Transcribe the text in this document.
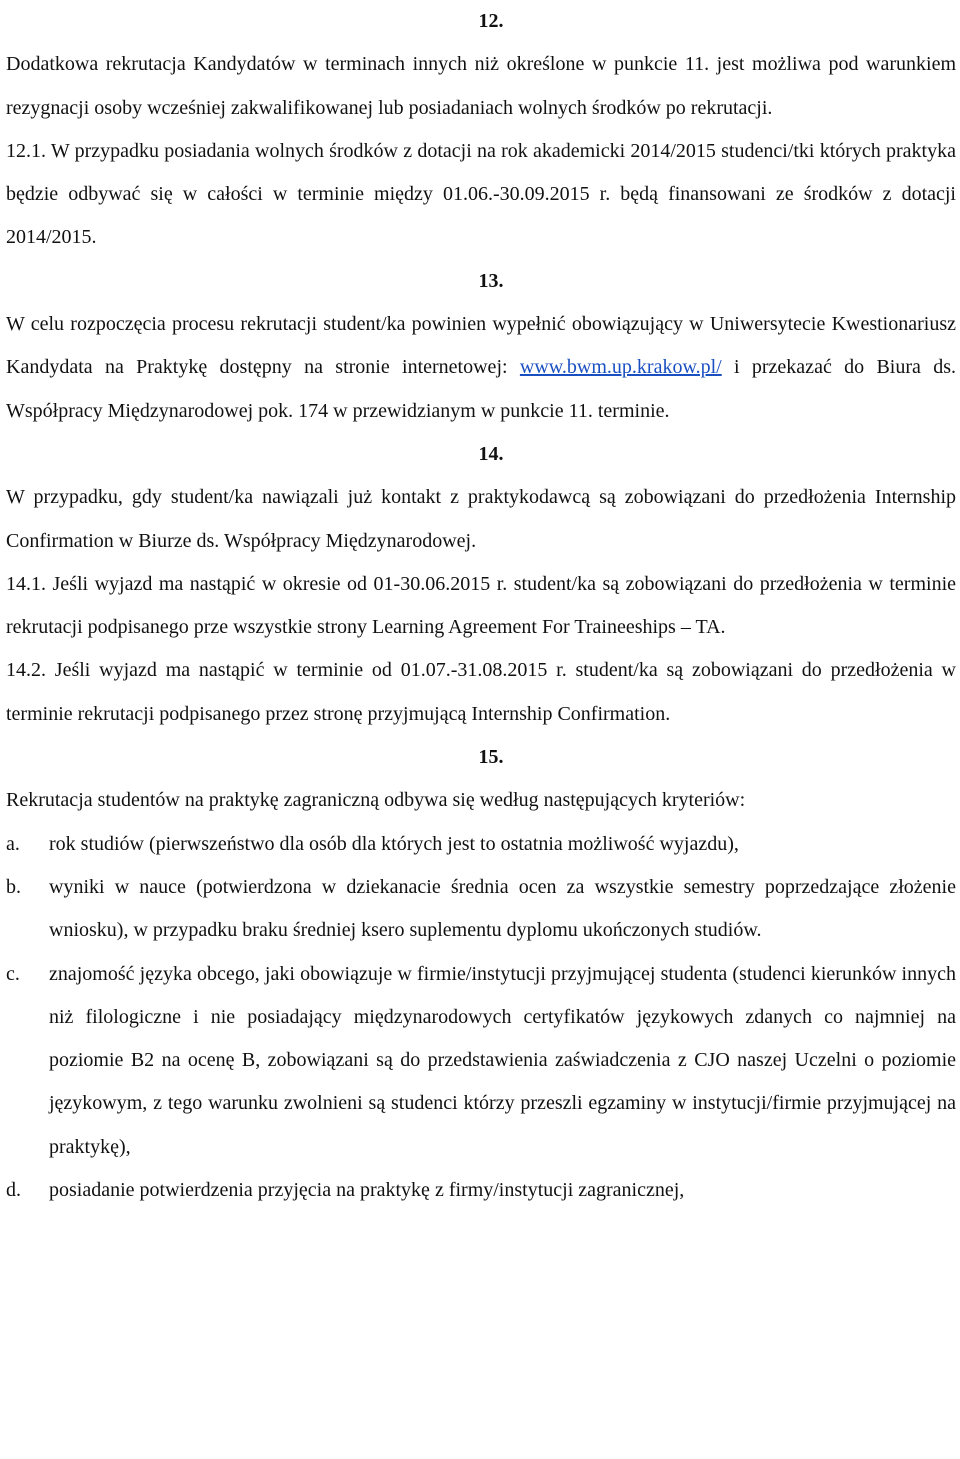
12.
Dodatkowa rekrutacja Kandydatów w terminach innych niż określone w punkcie 11. jest możliwa pod warunkiem rezygnacji osoby wcześniej zakwalifikowanej lub posiadaniach wolnych środków po rekrutacji.
12.1. W przypadku posiadania wolnych środków z dotacji na rok akademicki 2014/2015 studenci/tki których praktyka będzie odbywać się w całości w terminie między 01.06.-30.09.2015 r. będą finansowani ze środków z dotacji 2014/2015.
13.
W celu rozpoczęcia procesu rekrutacji student/ka powinien wypełnić obowiązujący w Uniwersytecie Kwestionariusz Kandydata na Praktykę dostępny na stronie internetowej: www.bwm.up.krakow.pl/ i przekazać do Biura ds. Współpracy Międzynarodowej pok. 174 w przewidzianym w punkcie 11. terminie.
14.
W przypadku, gdy student/ka nawiązali już kontakt z praktykodawcą są zobowiązani do przedłożenia Internship Confirmation w Biurze ds. Współpracy Międzynarodowej.
14.1. Jeśli wyjazd ma nastąpić w okresie od 01-30.06.2015 r. student/ka są zobowiązani do przedłożenia w terminie rekrutacji podpisanego prze wszystkie strony Learning Agreement For Traineeships – TA.
14.2. Jeśli wyjazd ma nastąpić w terminie od 01.07.-31.08.2015 r. student/ka są zobowiązani do przedłożenia w terminie rekrutacji podpisanego przez stronę przyjmującą Internship Confirmation.
15.
Rekrutacja studentów na praktykę zagraniczną odbywa się według następujących kryteriów:
a.	rok studiów (pierwszeństwo dla osób dla których jest to ostatnia możliwość wyjazdu),
b.	wyniki w nauce (potwierdzona w dziekanacie średnia ocen za wszystkie semestry poprzedzające złożenie wniosku), w przypadku braku średniej ksero suplementu dyplomu ukończonych studiów.
c.	znajomość języka obcego, jaki obowiązuje w firmie/instytucji przyjmującej studenta (studenci kierunków innych niż filologiczne i nie posiadający międzynarodowych certyfikatów językowych zdanych co najmniej na poziomie B2 na ocenę B, zobowiązani są do przedstawienia zaświadczenia z CJO naszej Uczelni o poziomie językowym, z tego warunku zwolnieni są studenci którzy przeszli egzaminy w instytucji/firmie przyjmującej na praktykę),
d.	posiadanie potwierdzenia przyjęcia na praktykę z firmy/instytucji zagranicznej,
